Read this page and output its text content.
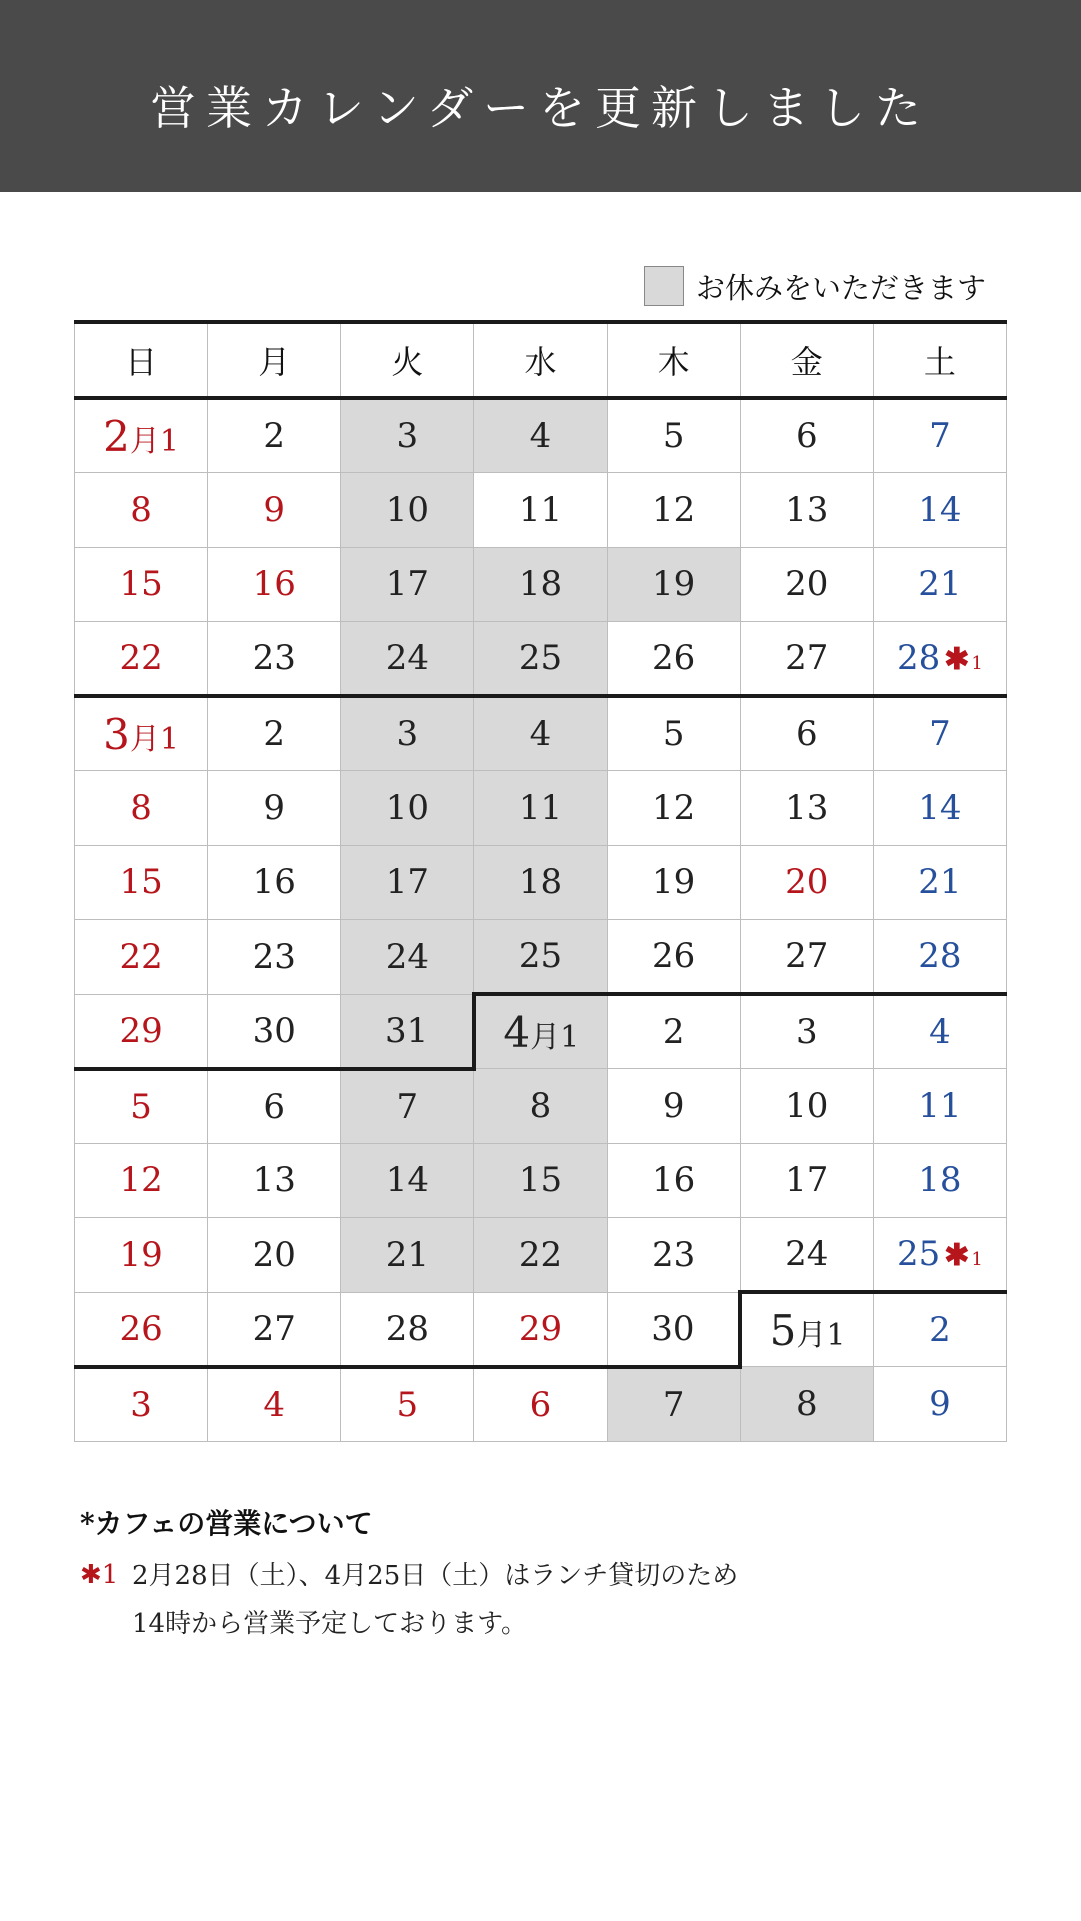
営業カレンダーを更新しました
お休みをいただきます
日	月	火	水	木	金	土

2 月 1	2	3	4	5	6	7

8	9	10	11	12	13	14

15	16	17	18	19	20	21

22	23	24	25	26	27	28 ✱ 1

3 月 1	2	3	4	5	6	7

8	9	10	11	12	13	14

15	16	17	18	19	20	21

22	23	24	25	26	27	28

29	30	31	4 月 1	2	3	4

5	6	7	8	9	10	11

12	13	14	15	16	17	18

19	20	21	22	23	24	25 ✱ 1

26	27	28	29	30	5 月 1	2

3	4	5	6	7	8	9
*カフェの営業について
✱1 2月28日（土）、4月25日（土）はランチ貸切のため
14時から営業予定しております。
